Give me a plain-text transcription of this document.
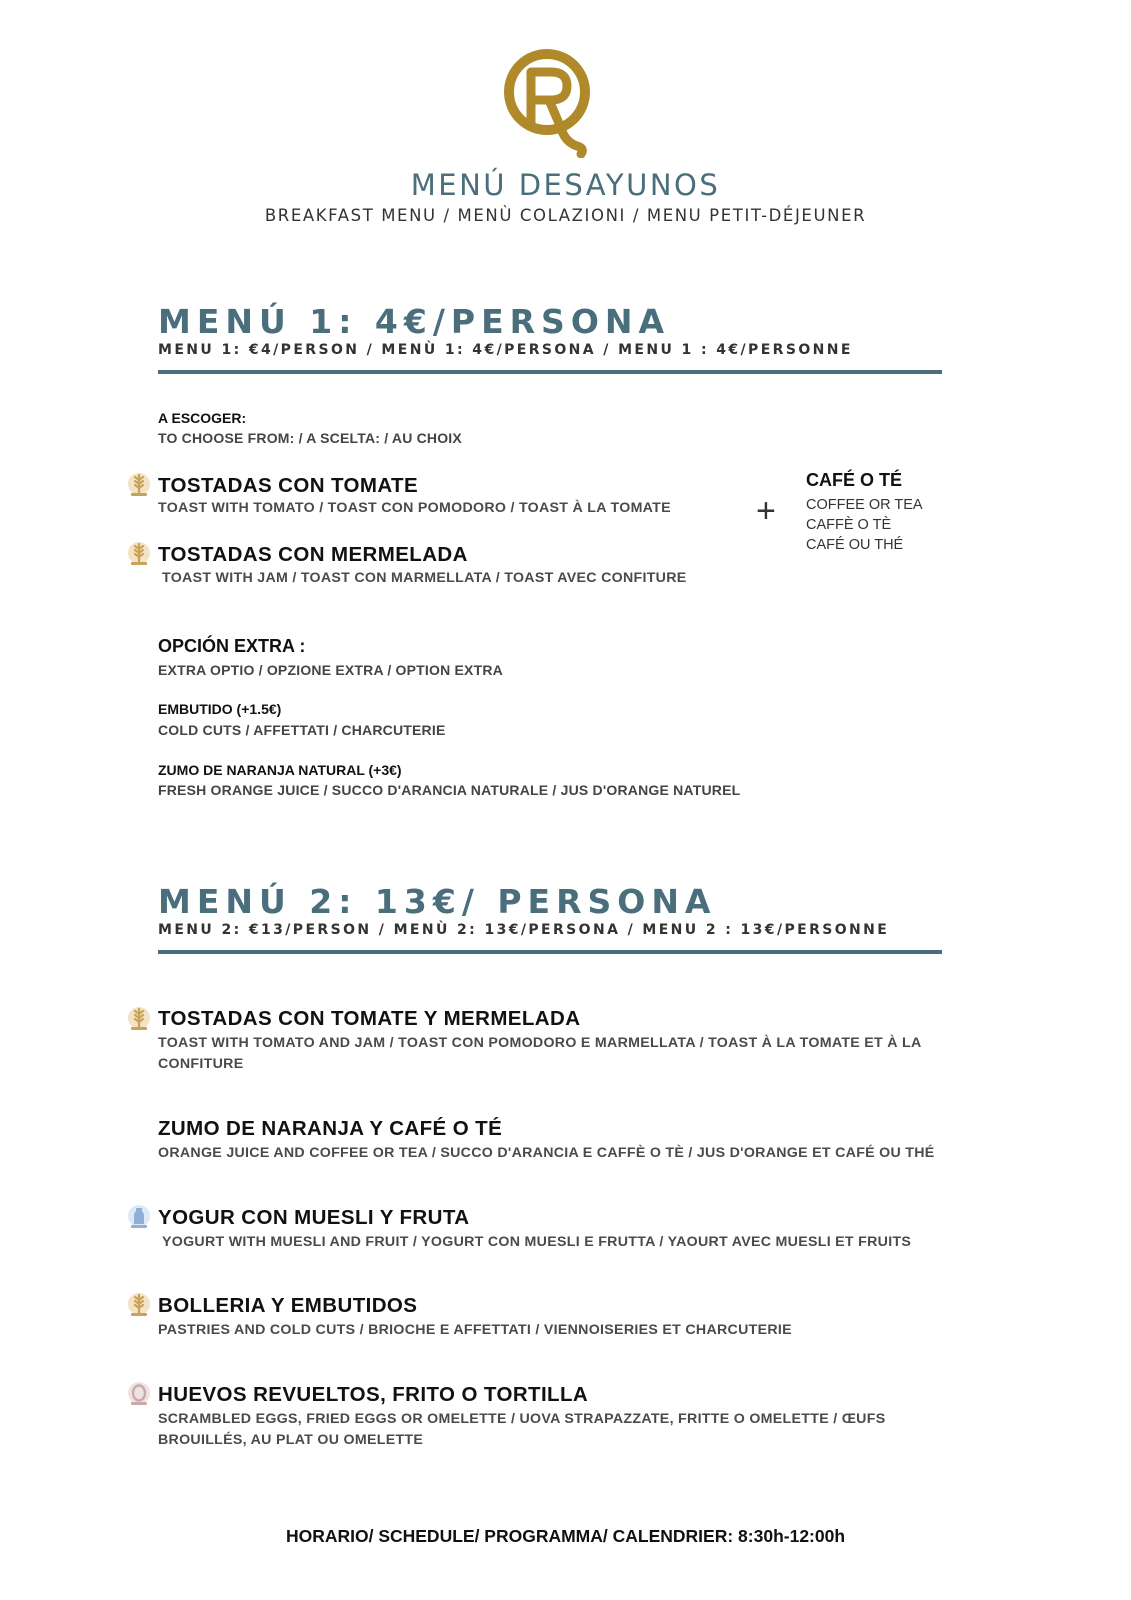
MENÚ DESAYUNOS
BREAKFAST MENU / MENÙ COLAZIONI / MENU PETIT-DÉJEUNER
MENÚ 1: 4€/PERSONA
MENU 1: €4/PERSON / MENÙ 1: 4€/PERSONA / MENU 1 : 4€/PERSONNE
A ESCOGER:
TO CHOOSE FROM: / A SCELTA: / AU CHOIX
TOSTADAS CON TOMATE
TOAST WITH TOMATO / TOAST CON POMODORO / TOAST À LA TOMATE
TOSTADAS CON MERMELADA
TOAST WITH JAM / TOAST CON MARMELLATA / TOAST AVEC CONFITURE
+
CAFÉ O TÉ
COFFEE OR TEA
CAFFÈ O TÈ
CAFÉ OU THÉ
OPCIÓN EXTRA :
EXTRA OPTIO / OPZIONE EXTRA / OPTION EXTRA
EMBUTIDO (+1.5€)
COLD CUTS / AFFETTATI / CHARCUTERIE
ZUMO DE NARANJA NATURAL (+3€)
FRESH ORANGE JUICE / SUCCO D'ARANCIA NATURALE / JUS D'ORANGE NATUREL
MENÚ 2: 13€/ PERSONA
MENU 2: €13/PERSON / MENÙ 2: 13€/PERSONA / MENU 2 : 13€/PERSONNE
TOSTADAS CON TOMATE Y MERMELADA
TOAST WITH TOMATO AND JAM / TOAST CON POMODORO E MARMELLATA / TOAST À LA TOMATE ET À LA CONFITURE
ZUMO DE NARANJA Y CAFÉ O TÉ
ORANGE JUICE AND COFFEE OR TEA / SUCCO D'ARANCIA E CAFFÈ O TÈ / JUS D'ORANGE ET CAFÉ OU THÉ
YOGUR CON MUESLI Y FRUTA
YOGURT WITH MUESLI AND FRUIT / YOGURT CON MUESLI E FRUTTA / YAOURT AVEC MUESLI ET FRUITS
BOLLERIA Y EMBUTIDOS
PASTRIES AND COLD CUTS / BRIOCHE E AFFETTATI / VIENNOISERIES ET CHARCUTERIE
HUEVOS REVUELTOS, FRITO O TORTILLA
SCRAMBLED EGGS, FRIED EGGS OR OMELETTE / UOVA STRAPAZZATE, FRITTE O OMELETTE / ŒUFS BROUILLÉS, AU PLAT OU OMELETTE
HORARIO/ SCHEDULE/ PROGRAMMA/ CALENDRIER: 8:30h-12:00h
